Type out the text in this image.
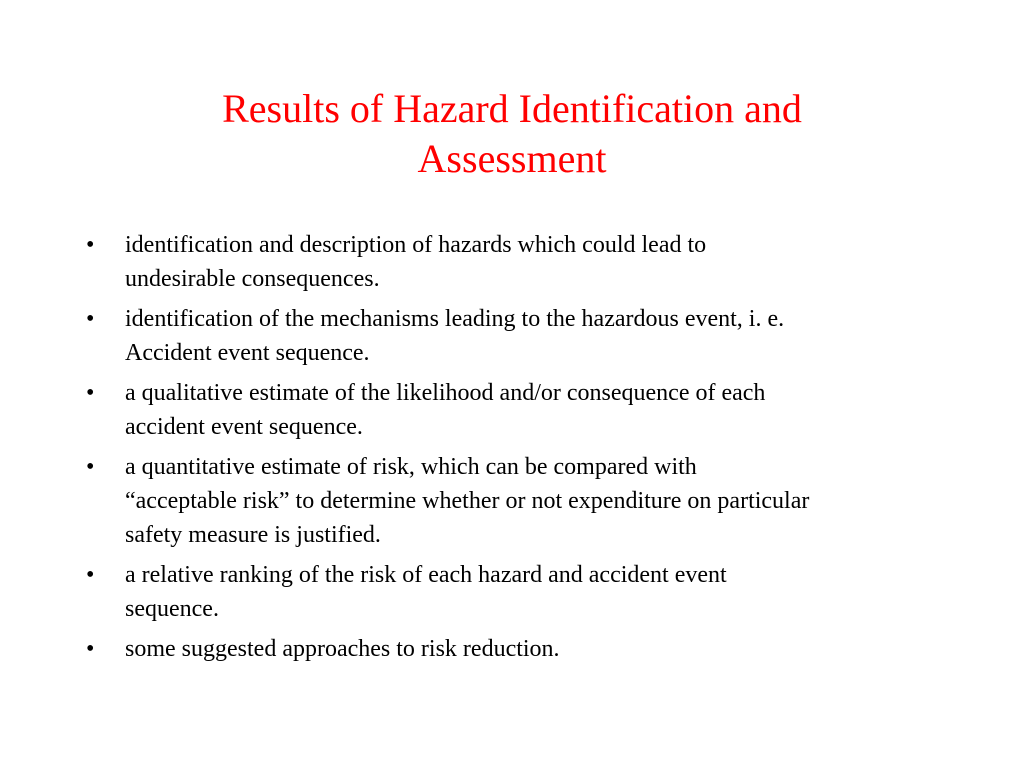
Results of Hazard Identification and
Assessment
•	identification and description of hazards which could lead to
undesirable consequences.
•	identification of the mechanisms leading to the hazardous event, i. e.
Accident event sequence.
•	a qualitative estimate of the likelihood and/or consequence of each
accident event sequence.
•	a quantitative estimate of risk, which can be compared with
“acceptable risk” to determine whether or not expenditure on particular
safety measure is justified.
•	a relative ranking of the risk of each hazard and accident event
sequence.
•	some suggested approaches to risk reduction.
